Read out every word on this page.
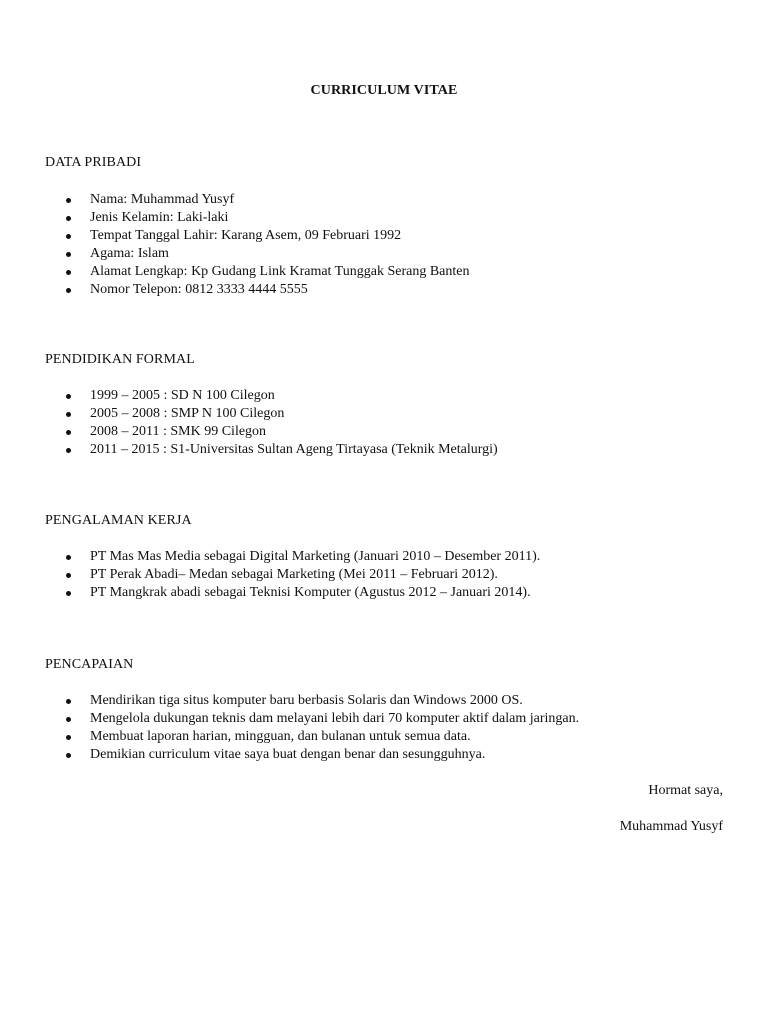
CURRICULUM VITAE
DATA PRIBADI
Nama: Muhammad Yusyf
Jenis Kelamin: Laki-laki
Tempat Tanggal Lahir: Karang Asem, 09 Februari 1992
Agama: Islam
Alamat Lengkap: Kp Gudang Link Kramat Tunggak Serang Banten
Nomor Telepon: 0812 3333 4444 5555
PENDIDIKAN FORMAL
1999 – 2005 : SD N 100 Cilegon
2005 – 2008 : SMP N 100 Cilegon
2008 – 2011 : SMK 99 Cilegon
2011 – 2015 : S1-Universitas Sultan Ageng Tirtayasa (Teknik Metalurgi)
PENGALAMAN KERJA
PT Mas Mas Media sebagai Digital Marketing (Januari 2010 – Desember 2011).
PT Perak Abadi– Medan sebagai Marketing (Mei 2011 – Februari 2012).
PT Mangkrak abadi sebagai Teknisi Komputer (Agustus 2012 – Januari 2014).
PENCAPAIAN
Mendirikan tiga situs komputer baru berbasis Solaris dan Windows 2000 OS.
Mengelola dukungan teknis dam melayani lebih dari 70 komputer aktif dalam jaringan.
Membuat laporan harian, mingguan, dan bulanan untuk semua data.
Demikian curriculum vitae saya buat dengan benar dan sesungguhnya.
Hormat saya,
Muhammad Yusyf
